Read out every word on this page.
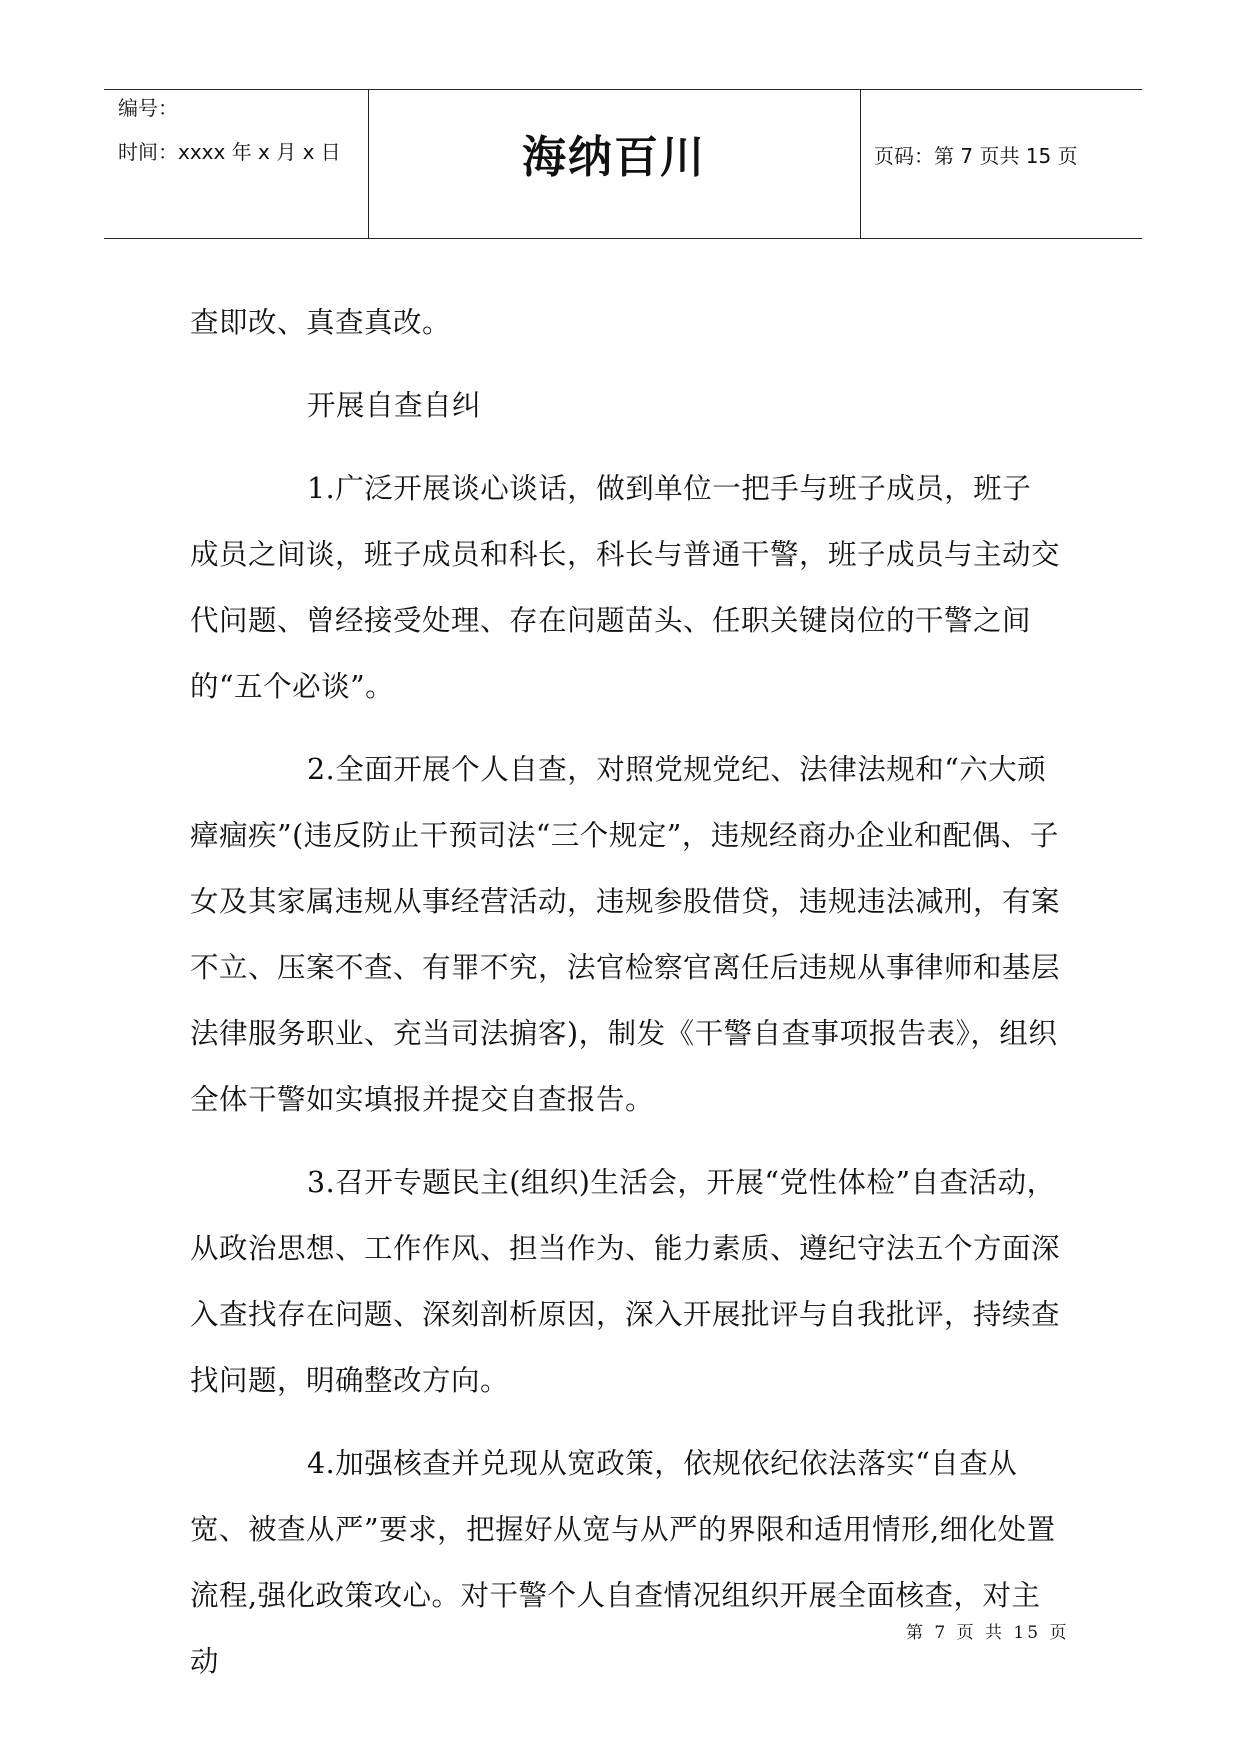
编号：
时间：xxxx 年 x 月 x 日	海纳百川	页码：第 7 页共 15 页

查即改、真查真改。

开展自查自纠

1.广泛开展谈心谈话，做到单位一把手与班子成员，班子成员之间谈，班子成员和科长，科长与普通干警，班子成员与主动交代问题、曾经接受处理、存在问题苗头、任职关键岗位的干警之间的“五个必谈”。

2.全面开展个人自查，对照党规党纪、法律法规和“六大顽瘴痼疾”(违反防止干预司法“三个规定”，违规经商办企业和配偶、子女及其家属违规从事经营活动，违规参股借贷，违规违法减刑，有案不立、压案不查、有罪不究，法官检察官离任后违规从事律师和基层法律服务职业、充当司法掮客)，制发《干警自查事项报告表》，组织全体干警如实填报并提交自查报告。

3.召开专题民主(组织)生活会，开展“党性体检”自查活动，从政治思想、工作作风、担当作为、能力素质、遵纪守法五个方面深入查找存在问题、深刻剖析原因，深入开展批评与自我批评，持续查找问题，明确整改方向。

4.加强核查并兑现从宽政策，依规依纪依法落实“自查从宽、被查从严”要求，把握好从宽与从严的界限和适用情形,细化处置流程,强化政策攻心。对干警个人自查情况组织开展全面核查，对主动

第 7 页 共 15 页
